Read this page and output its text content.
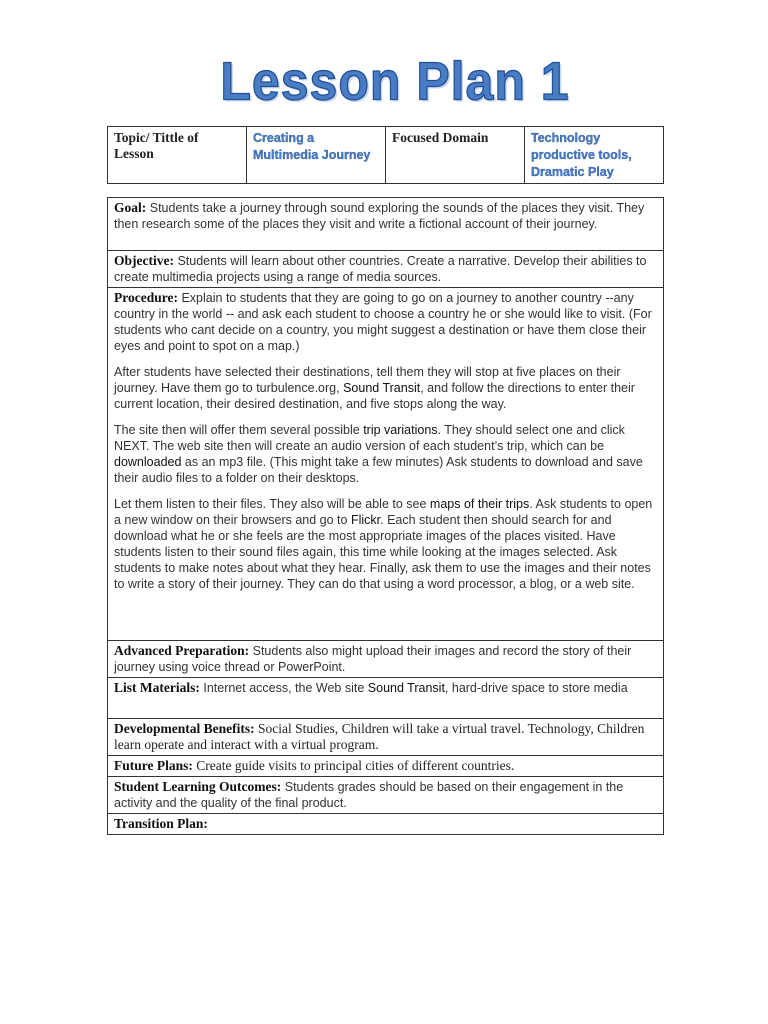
Lesson Plan 1
Topic/ Tittle of Lesson	Creating a Multimedia Journey	Focused Domain	Technology productive tools, Dramatic Play
Goal: Students take a journey through sound exploring the sounds of the places they visit. They then research some of the places they visit and write a fictional account of their journey.
Objective: Students will learn about other countries. Create a narrative. Develop their abilities to create multimedia projects using a range of media sources.

Procedure: Explain to students that they are going to go on a journey to another country --any country in the world -- and ask each student to choose a country he or she would like to visit. (For students who cant decide on a country, you might suggest a destination or have them close their eyes and point to spot on a map.)

After students have selected their destinations, tell them they will stop at five places on their journey. Have them go to turbulence.org, Sound Transit, and follow the directions to enter their current location, their desired destination, and five stops along the way.

The site then will offer them several possible trip variations. They should select one and click NEXT. The web site then will create an audio version of each student’s trip, which can be downloaded as an mp3 file. (This might take a few minutes) Ask students to download and save their audio files to a folder on their desktops.

Let them listen to their files. They also will be able to see maps of their trips. Ask students to open a new window on their browsers and go to Flickr. Each student then should search for and download what he or she feels are the most appropriate images of the places visited. Have students listen to their sound files again, this time while looking at the images selected. Ask students to make notes about what they hear. Finally, ask them to use the images and their notes to write a story of their journey. They can do that using a word processor, a blog, or a web site.

Advanced Preparation: Students also might upload their images and record the story of their journey using voice thread or PowerPoint.
List Materials: Internet access, the Web site Sound Transit, hard-drive space to store media
Developmental Benefits: Social Studies, Children will take a virtual travel. Technology, Children learn operate and interact with a virtual program.
Future Plans: Create guide visits to principal cities of different countries.
Student Learning Outcomes: Students grades should be based on their engagement in the activity and the quality of the final product.
Transition Plan:
